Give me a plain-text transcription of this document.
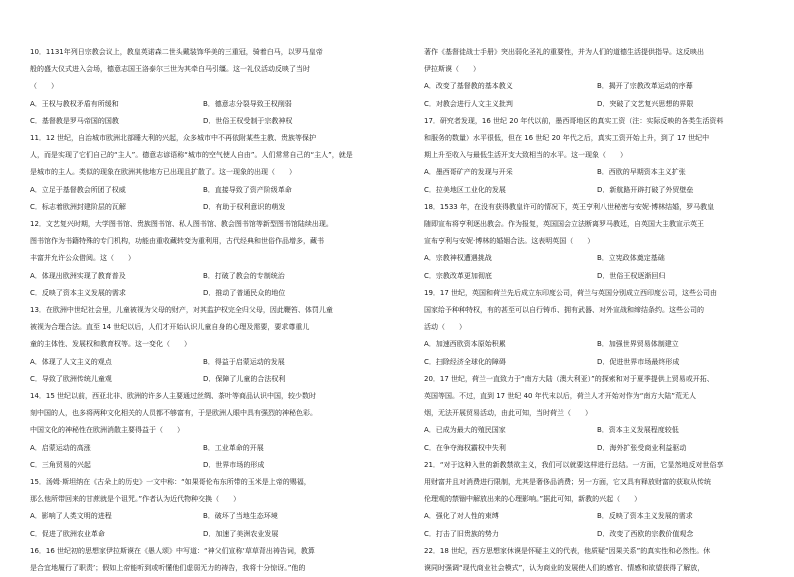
10．1131年列日宗教会议上，教皇英诺森二世头戴装饰华美的三重冠，骑着白马，以罗马皇帝

般的盛大仪式进入会场，德意志国王洛泰尔三世为其牵白马引缰。这一礼仪活动反映了当时

（　　）

A．王权与教权矛盾有所缓和	B．德意志分裂导致王权削弱
C．基督教是罗马帝国的国教	D．世俗王权受制于宗教神权

11．12 世纪，自治城市欧洲北部睡大利的兴起，众多城市中不再依附某些主教、贵族等保护

人，而是实现了它们自己的“主人”。德意志谚语称“城市的空气使人自由”。人们常常自己的“主人”，就是

是城市的主人。类似的现象在欧洲其他地方已出现且扩散了。这一现象的出现（　　）

A．立足于基督教会所团了权威	B．直接导致了资产阶级革命
C．标志着欧洲封建阶层的瓦解	D．有助于权利意识的萌发

12．文艺复兴时期，大学图书馆、贵族图书馆、私人图书馆、教会图书馆等新型图书馆陆续出现。

图书馆作为书籍特殊的专门机构，功能由重收藏转变为重利用，古代经典和世俗作品增多，藏书

丰富并允许公众借阅。这（　　）

A．体现出欧洲实现了教育普及	B．打破了教会的专制统治
C．反映了资本主义发展的需求	D．推动了普通民众的地位

13．在欧洲中世纪社会里，儿童被视为父母的财产，对其监护权完全归父母，因此鞭笞、体罚儿童

被视为合理合法。直至 14 世纪以后，人们才开始认识儿童自身的心理及需要，要求尊重儿

童的主体性、发展权和教育权等。这一变化（　　）

A．体现了人文主义的观点	B．得益于启蒙运动的发展
C．导致了欧洲传统儿童观	D．保障了儿童的合法权利

14．15 世纪以前，西亚北非、欧洲的许多人主要通过丝绸、茶叶等商品认识中国，较少数时

刻中国的人，也多将两种文化相关的人员都不够富有，于是欧洲人眼中具有强烈的神秘色彩。

中国文化的神秘性在欧洲消散主要得益于（　　）

A．启蒙运动的高涨	B．工业革命的开展
C．三角贸易的兴起	D．世界市场的形成

15．汤姆·斯坦纳在《古朵上的历史》一文中称：“如果哥伦布东所带的玉米是上帝的赐福，

那么他所带回来的甘蔗就是个诅咒。”作者认为近代物种交换（　　）

A．影响了人类文明的进程	B．破坏了当地生态环境
C．促进了欧洲农业革命	D．加速了美洲农业发展

16．16 世纪初的思想家伊拉斯谟在《愚人颂》中写道：“神父们宣称‘草草背出祷告词，教算

是合宜地履行了职责’；假如上帝能听到或听懂他们虚弱无力的祷告，我将十分惊讶。”他的

著作《基督徒战士手册》突出弱化圣礼的重要性，并为人们的道德生活提供指导。这反映出

伊拉斯谟（　　）

A．改变了基督教的基本教义	B．揭开了宗教改革运动的序幕
C．对教会进行人文主义批判	D．突破了文艺复兴思想的界限

17．研究者发现，16 世纪 20 年代以前，墨西哥地区的真实工资（注：实际反映的各类生活资料

和服务的数量）水平很低，但在 16 世纪 20 年代之后，真实工资开始上升，到了 17 世纪中

期上升至收入与最低生活开支大致相当的水平。这一现象（　　）

A．墨西哥矿产的发现与开采	B．西欧的早期资本主义扩张
C．拉美地区工业化的发展	D．新航路开辟打破了外贸壁垒

18．1533 年，在没有获得教皇许可的情况下，英王亨利八世秘密与安妮·博林结婚，罗马教皇

随即宣布将亨利逐出教会。作为报复，英国国会立法断离罗马教廷，自英国大主教宣示英王

宣布亨利与安妮·博林的婚姻合法。这表明英国（　　）

A．宗教神权遭遇挑战	B．立宪政体奠定基础
C．宗教改革更加彻底	D．世俗王权逐渐回归

19．17 世纪，英国和荷兰先后成立东印度公司，荷兰与英国分别成立西印度公司，这些公司由

国家给予种种特权，有的甚至可以自行铸币、拥有武器、对外宣战和缔结条约。这些公司的

活动（　　）

A．加速西欧资本原始积累	B．加强世界贸易体制建立
C．扫除经济全球化的障碍	D．促进世界市场最终形成

20．17 世纪，荷兰一直致力于“南方大陆（澳大利亚）”的探索和对于夏季提供上贸易或开拓、

英国等国。不过，直到 17 世纪 40 年代末以后，荷兰人才开始对作为“南方大陆”荒无人

烟，无法开展贸易活动，由此可知，当时荷兰（　　）

A．已成为最大的殖民国家	B．资本主义发展程度较低
C．在争夺海权霸权中失利	D．海外扩张受商业利益驱动

21．“对于这种入世的新教禁欲主义，我们可以就要这样进行总结。一方面，它显然地反对世俗享

用财富并且对消费进行限制，尤其是奢侈品消费；另一方面，它又具有释放财富的获取从传统

伦理观的禁锢中解放出来的心理影响。”据此可知，新教的兴起（　　）

A．强化了对人性的束缚	B．反映了资本主义发展的需求
C．打击了旧贵族的势力	D．改变了西欧的宗教价值观念

22．18 世纪，西方思想家休谟是怀疑主义的代表，他质疑“因果关系”的真实性和必然性。休

谟同时强调“现代商业社会模式”，认为商业的发展使人们的感官、情感和欲望获得了解放，
